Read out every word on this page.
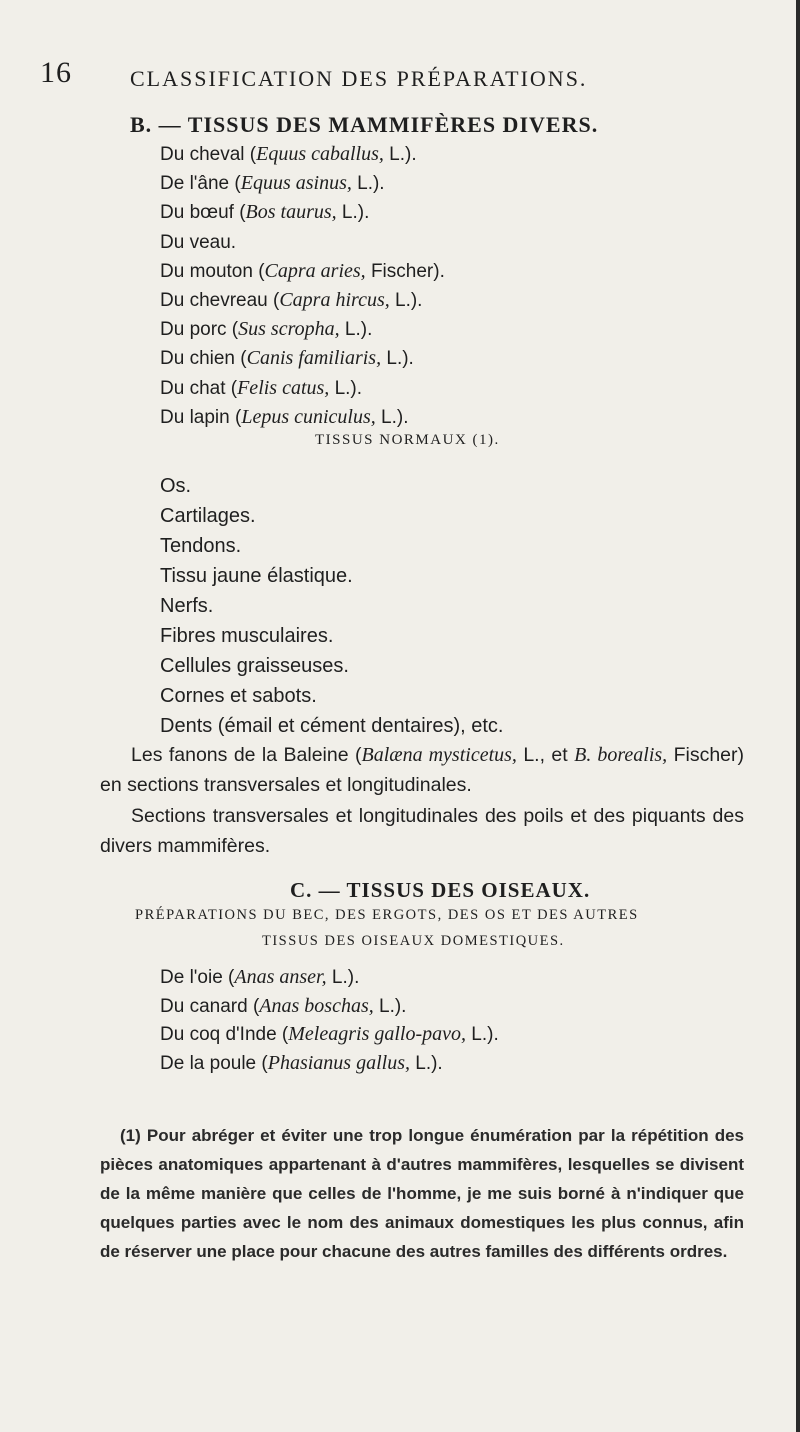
16	CLASSIFICATION DES PRÉPARATIONS.
B. — TISSUS DES MAMMIFÈRES DIVERS.
Du cheval (Equus caballus, L.).
De l'âne (Equus asinus, L.).
Du bœuf (Bos taurus, L.).
Du veau.
Du mouton (Capra aries, Fischer).
Du chevreau (Capra hircus, L.).
Du porc (Sus scropha, L.).
Du chien (Canis familiaris, L.).
Du chat (Felis catus, L.).
Du lapin (Lepus cuniculus, L.).
TISSUS NORMAUX (1).
Os.
Cartilages.
Tendons.
Tissu jaune élastique.
Nerfs.
Fibres musculaires.
Cellules graisseuses.
Cornes et sabots.
Dents (émail et cément dentaires), etc.

Les fanons de la Baleine (Balæna mysticetus, L., et B. borealis, Fischer) en sections transversales et longitudinales.

Sections transversales et longitudinales des poils et des piquants des divers mammifères.

C. — TISSUS DES OISEAUX.
PRÉPARATIONS DU BEC, DES ERGOTS, DES OS ET DES AUTRES
TISSUS DES OISEAUX DOMESTIQUES.
De l'oie (Anas anser, L.).
Du canard (Anas boschas, L.).
Du coq d'Inde (Meleagris gallo-pavo, L.).
De la poule (Phasianus gallus, L.).

(1) Pour abréger et éviter une trop longue énumération par la répétition des pièces anatomiques appartenant à d'autres mammifères, lesquelles se divisent de la même manière que celles de l'homme, je me suis borné à n'indiquer que quelques parties avec le nom des animaux domestiques les plus connus, afin de réserver une place pour chacune des autres familles des différents ordres.
